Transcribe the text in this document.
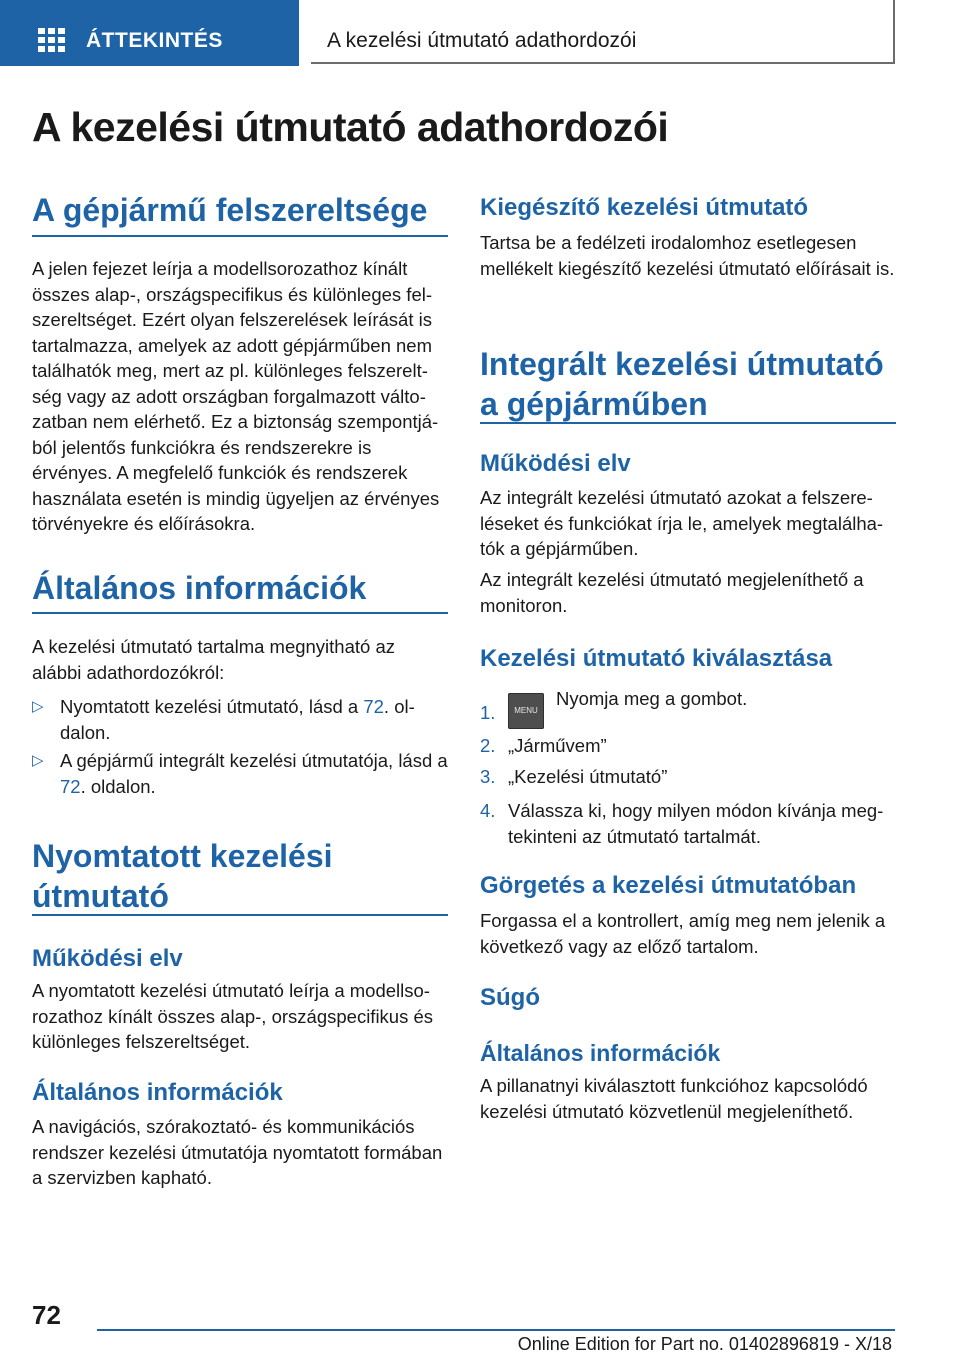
ÁTTEKINTÉS	A kezelési útmutató adathordozói
A kezelési útmutató adathordozói
A gépjármű felszereltsége

A jelen fejezet leírja a modellsorozathoz kínált összes alap-, országspecifikus és különleges felszereltséget. Ezért olyan felszerelések leírását is tartalmazza, amelyek az adott gépjárműben nem találhatók meg, mert az pl. különleges felszereltség vagy az adott országban forgalmazott változatban nem elérhető. Ez a biztonság szempontjából jelentős funkciókra és rendszerekre is érvényes. A megfelelő funkciók és rendszerek használata esetén is mindig ügyeljen az érvényes törvényekre és előírásokra.

Általános információk

A kezelési útmutató tartalma megnyitható az alábbi adathordozókról:

▷ Nyomtatott kezelési útmutató, lásd a 72. oldalon.
▷ A gépjármű integrált kezelési útmutatója, lásd a 72. oldalon.
Nyomtatott kezelési útmutató
Működési elv

A nyomtatott kezelési útmutató leírja a modellsorozathoz kínált összes alap-, országspecifikus és különleges felszereltséget.

Általános információk

A navigációs, szórakoztató- és kommunikációs rendszer kezelési útmutatója nyomtatott formában a szervizben kapható.

Kiegészítő kezelési útmutató

Tartsa be a fedélzeti irodalomhoz esetlegesen mellékelt kiegészítő kezelési útmutató előírásait is.

Integrált kezelési útmutató a gépjárműben
Működési elv

Az integrált kezelési útmutató azokat a felszereléseket és funkciókat írja le, amelyek megtalálhatók a gépjárműben.

Az integrált kezelési útmutató megjeleníthető a monitoron.

Kezelési útmutató kiválasztása
1.	MENUNyomja meg a gombot.
2. „Járművem”
3. „Kezelési útmutató”
4. Válassza ki, hogy milyen módon kívánja megtekinteni az útmutató tartalmát.
Görgetés a kezelési útmutatóban

Forgassa el a kontrollert, amíg meg nem jelenik a következő vagy az előző tartalom.

Súgó
Általános információk

A pillanatnyi kiválasztott funkcióhoz kapcsolódó kezelési útmutató közvetlenül megjeleníthető.

72
Online Edition for Part no. 01402896819 - X/18
